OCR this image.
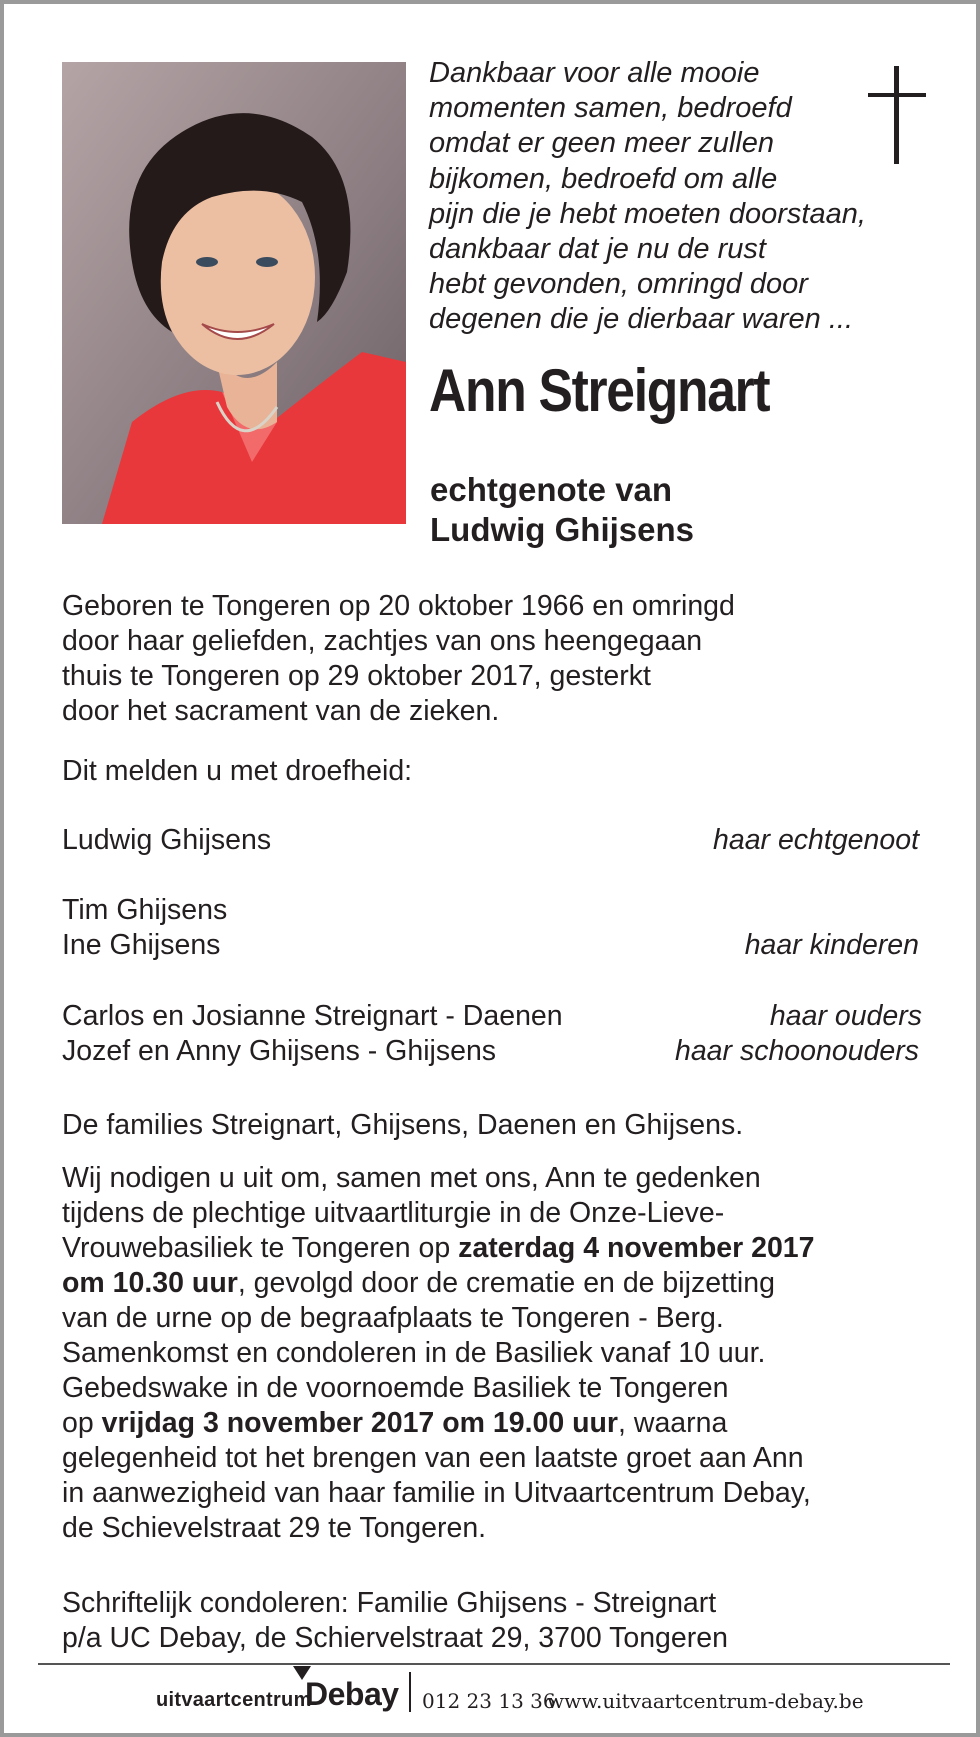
Dankbaar voor alle mooie
momenten samen, bedroefd
omdat er geen meer zullen
bijkomen, bedroefd om alle
pijn die je hebt moeten doorstaan,
dankbaar dat je nu de rust
hebt gevonden, omringd door
degenen die je dierbaar waren ...
Ann Streignart
echtgenote van
Ludwig Ghijsens
Geboren te Tongeren op 20 oktober 1966 en omringd
door haar geliefden, zachtjes van ons heengegaan
thuis te Tongeren op 29 oktober 2017, gesterkt
door het sacrament van de zieken.
Dit melden u met droefheid:
Ludwig Ghijsens	haar echtgenoot
Tim Ghijsens
Ine Ghijsens	haar kinderen
Carlos en Josianne Streignart - Daenen	haar ouders
Jozef en Anny Ghijsens - Ghijsens	haar schoonouders
De families Streignart, Ghijsens, Daenen en Ghijsens.
Wij nodigen u uit om, samen met ons, Ann te gedenken
tijdens de plechtige uitvaartliturgie in de Onze-Lieve-
Vrouwebasiliek te Tongeren op zaterdag 4 november 2017
om 10.30 uur, gevolgd door de crematie en de bijzetting
van de urne op de begraafplaats te Tongeren - Berg.
Samenkomst en condoleren in de Basiliek vanaf 10 uur.
Gebedswake in de voornoemde Basiliek te Tongeren
op vrijdag 3 november 2017 om 19.00 uur, waarna
gelegenheid tot het brengen van een laatste groet aan Ann
in aanwezigheid van haar familie in Uitvaartcentrum Debay,
de Schievelstraat 29 te Tongeren.
Schriftelijk condoleren: Familie Ghijsens - Streignart
p/a UC Debay, de Schiervelstraat 29, 3700 Tongeren
uitvaartcentrum
Debay 012 23 13 36
www.uitvaartcentrum-debay.be
